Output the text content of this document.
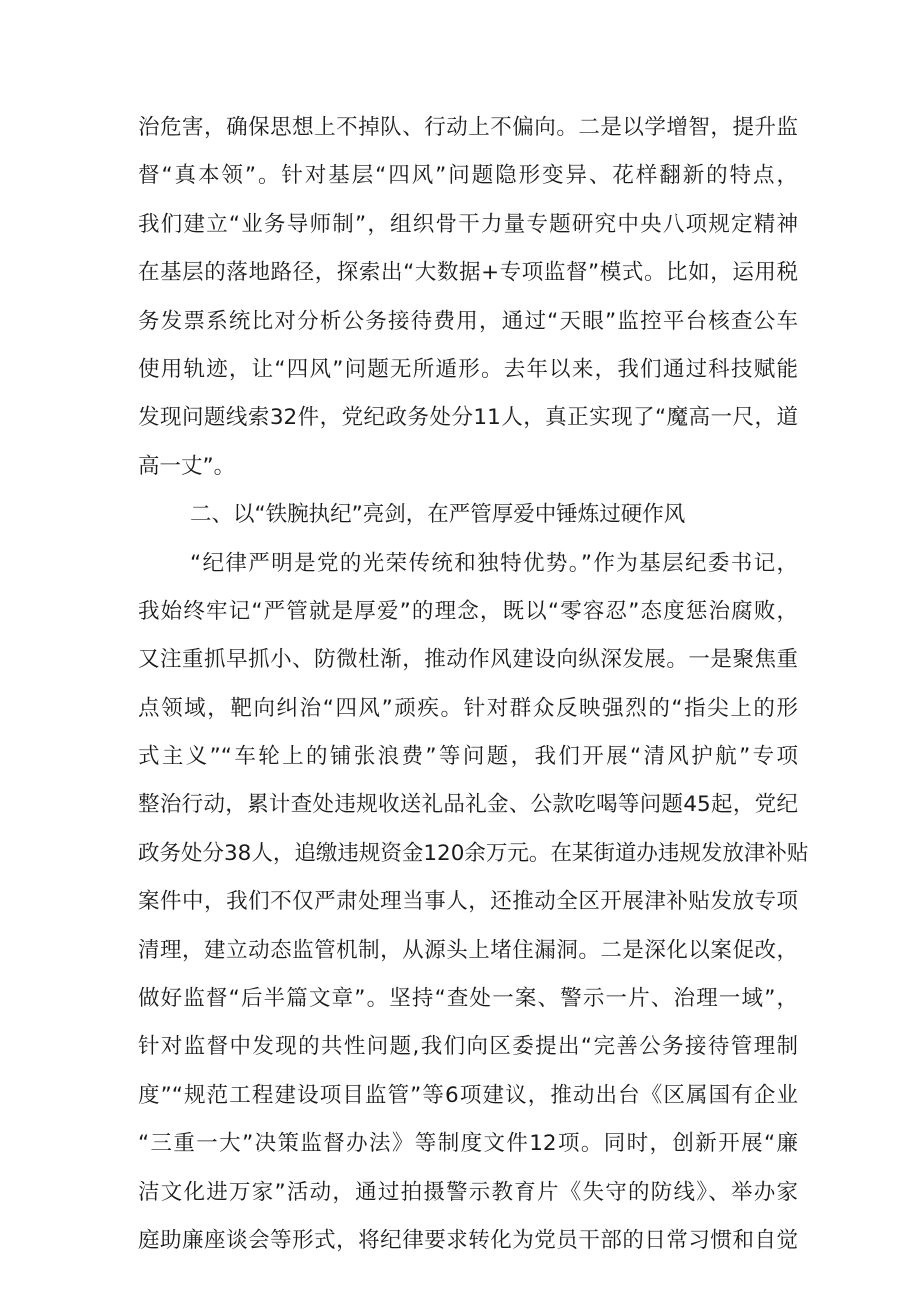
治危害，确保思想上不掉队、行动上不偏向。二是以学增智，提升监
督“真本领”。针对基层“四风”问题隐形变异、花样翻新的特点，
我们建立“业务导师制”，组织骨干力量专题研究中央八项规定精神
在基层的落地路径，探索出“大数据+专项监督”模式。比如，运用税
务发票系统比对分析公务接待费用，通过“天眼”监控平台核查公车
使用轨迹，让“四风”问题无所遁形。去年以来，我们通过科技赋能
发现问题线索32件，党纪政务处分11人，真正实现了“魔高一尺，道
高一丈”。
二、以“铁腕执纪”亮剑，在严管厚爱中锤炼过硬作风
“纪律严明是党的光荣传统和独特优势。”作为基层纪委书记，
我始终牢记“严管就是厚爱”的理念，既以“零容忍”态度惩治腐败，
又注重抓早抓小、防微杜渐，推动作风建设向纵深发展。一是聚焦重
点领域，靶向纠治“四风”顽疾。针对群众反映强烈的“指尖上的形
式主义”“车轮上的铺张浪费”等问题，我们开展“清风护航”专项
整治行动，累计查处违规收送礼品礼金、公款吃喝等问题45起，党纪
政务处分38人，追缴违规资金120余万元。在某街道办违规发放津补贴
案件中，我们不仅严肃处理当事人，还推动全区开展津补贴发放专项
清理，建立动态监管机制，从源头上堵住漏洞。二是深化以案促改，
做好监督“后半篇文章”。坚持“查处一案、警示一片、治理一域”，
针对监督中发现的共性问题,我们向区委提出“完善公务接待管理制
度”“规范工程建设项目监管”等6项建议，推动出台《区属国有企业
“三重一大”决策监督办法》等制度文件12项。同时，创新开展“廉
洁文化进万家”活动，通过拍摄警示教育片《失守的防线》、举办家
庭助廉座谈会等形式，将纪律要求转化为党员干部的日常习惯和自觉
